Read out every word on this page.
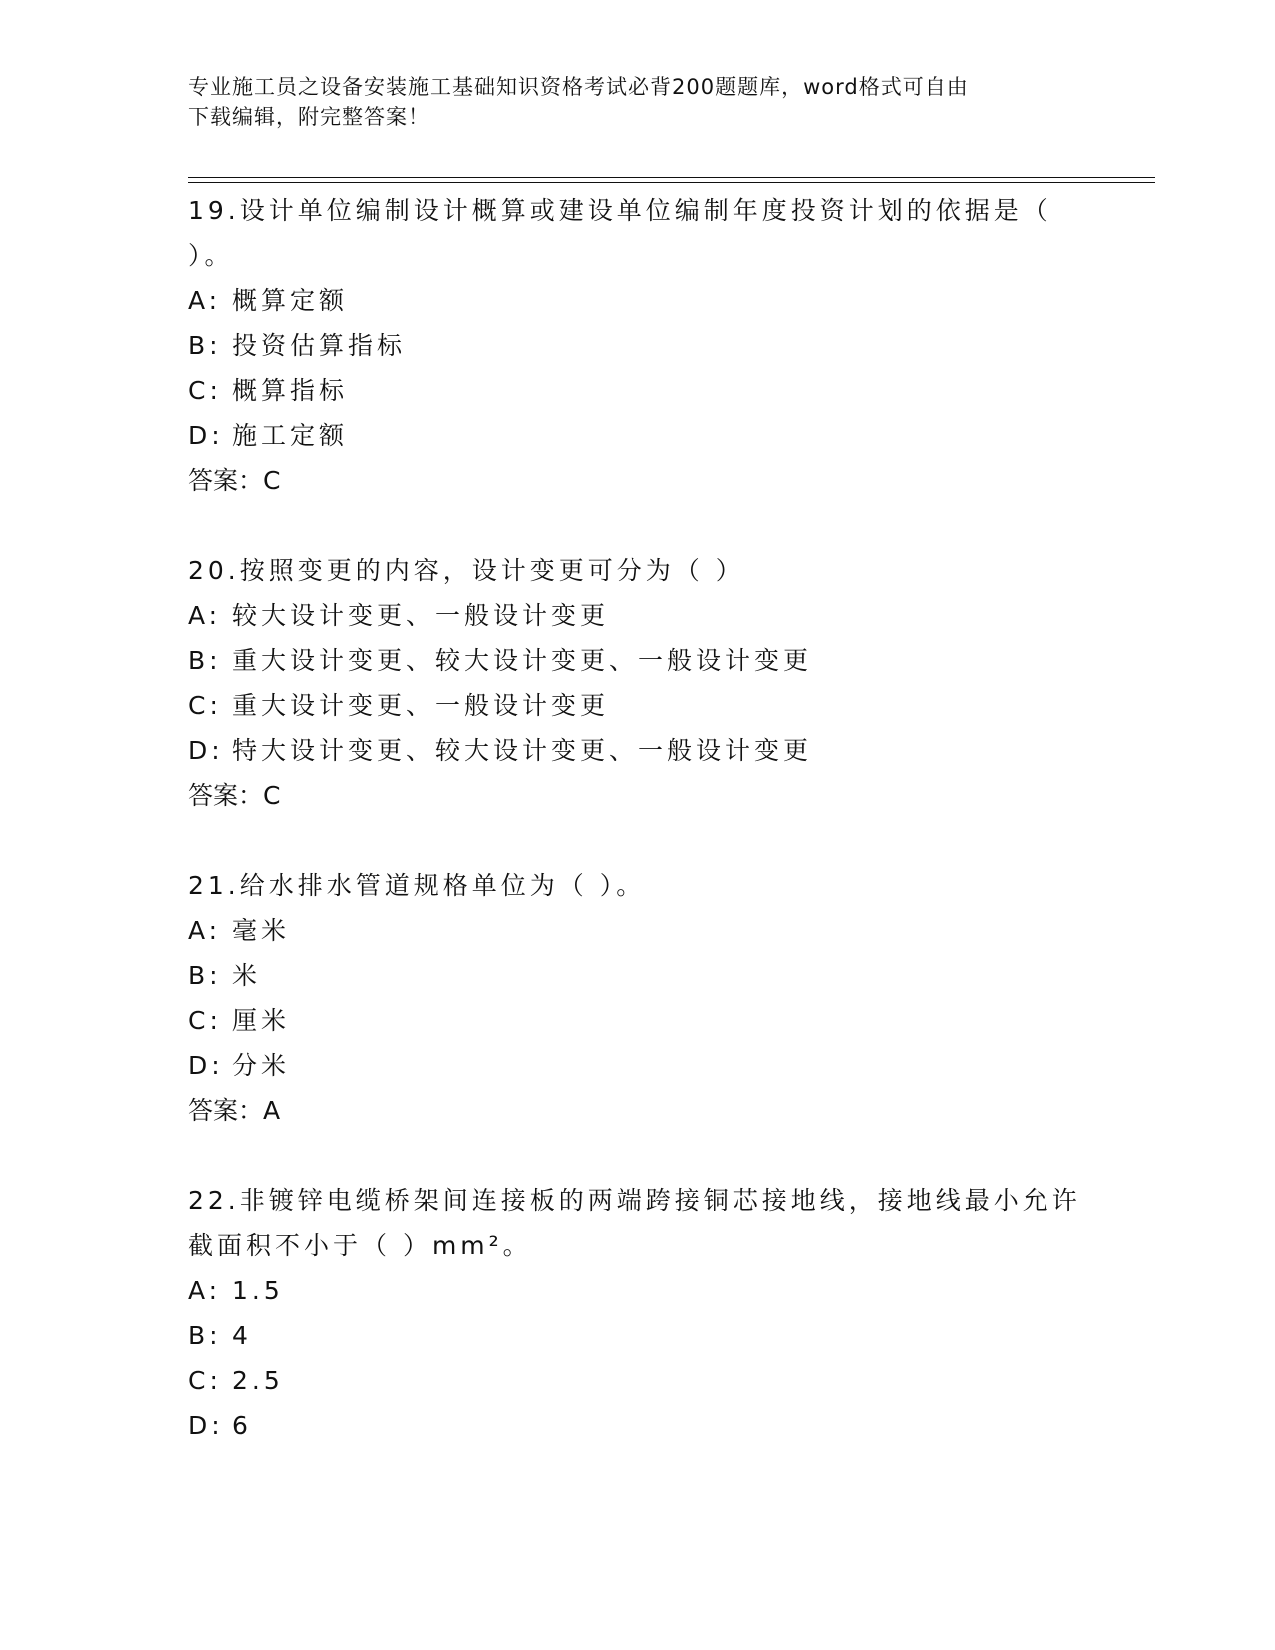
专业施工员之设备安装施工基础知识资格考试必背200题题库，word格式可自由
下载编辑，附完整答案！
19.设计单位编制设计概算或建设单位编制年度投资计划的依据是（
）。
A: 概算定额
B: 投资估算指标
C: 概算指标
D: 施工定额
答案：C
20.按照变更的内容，设计变更可分为（ ）
A: 较大设计变更、一般设计变更
B: 重大设计变更、较大设计变更、一般设计变更
C: 重大设计变更、一般设计变更
D: 特大设计变更、较大设计变更、一般设计变更
答案：C
21.给水排水管道规格单位为（ ）。
A: 毫米
B: 米
C: 厘米
D: 分米
答案：A
22.非镀锌电缆桥架间连接板的两端跨接铜芯接地线，接地线最小允许
截面积不小于（ ）mm²。
A: 1.5
B: 4
C: 2.5
D: 6
